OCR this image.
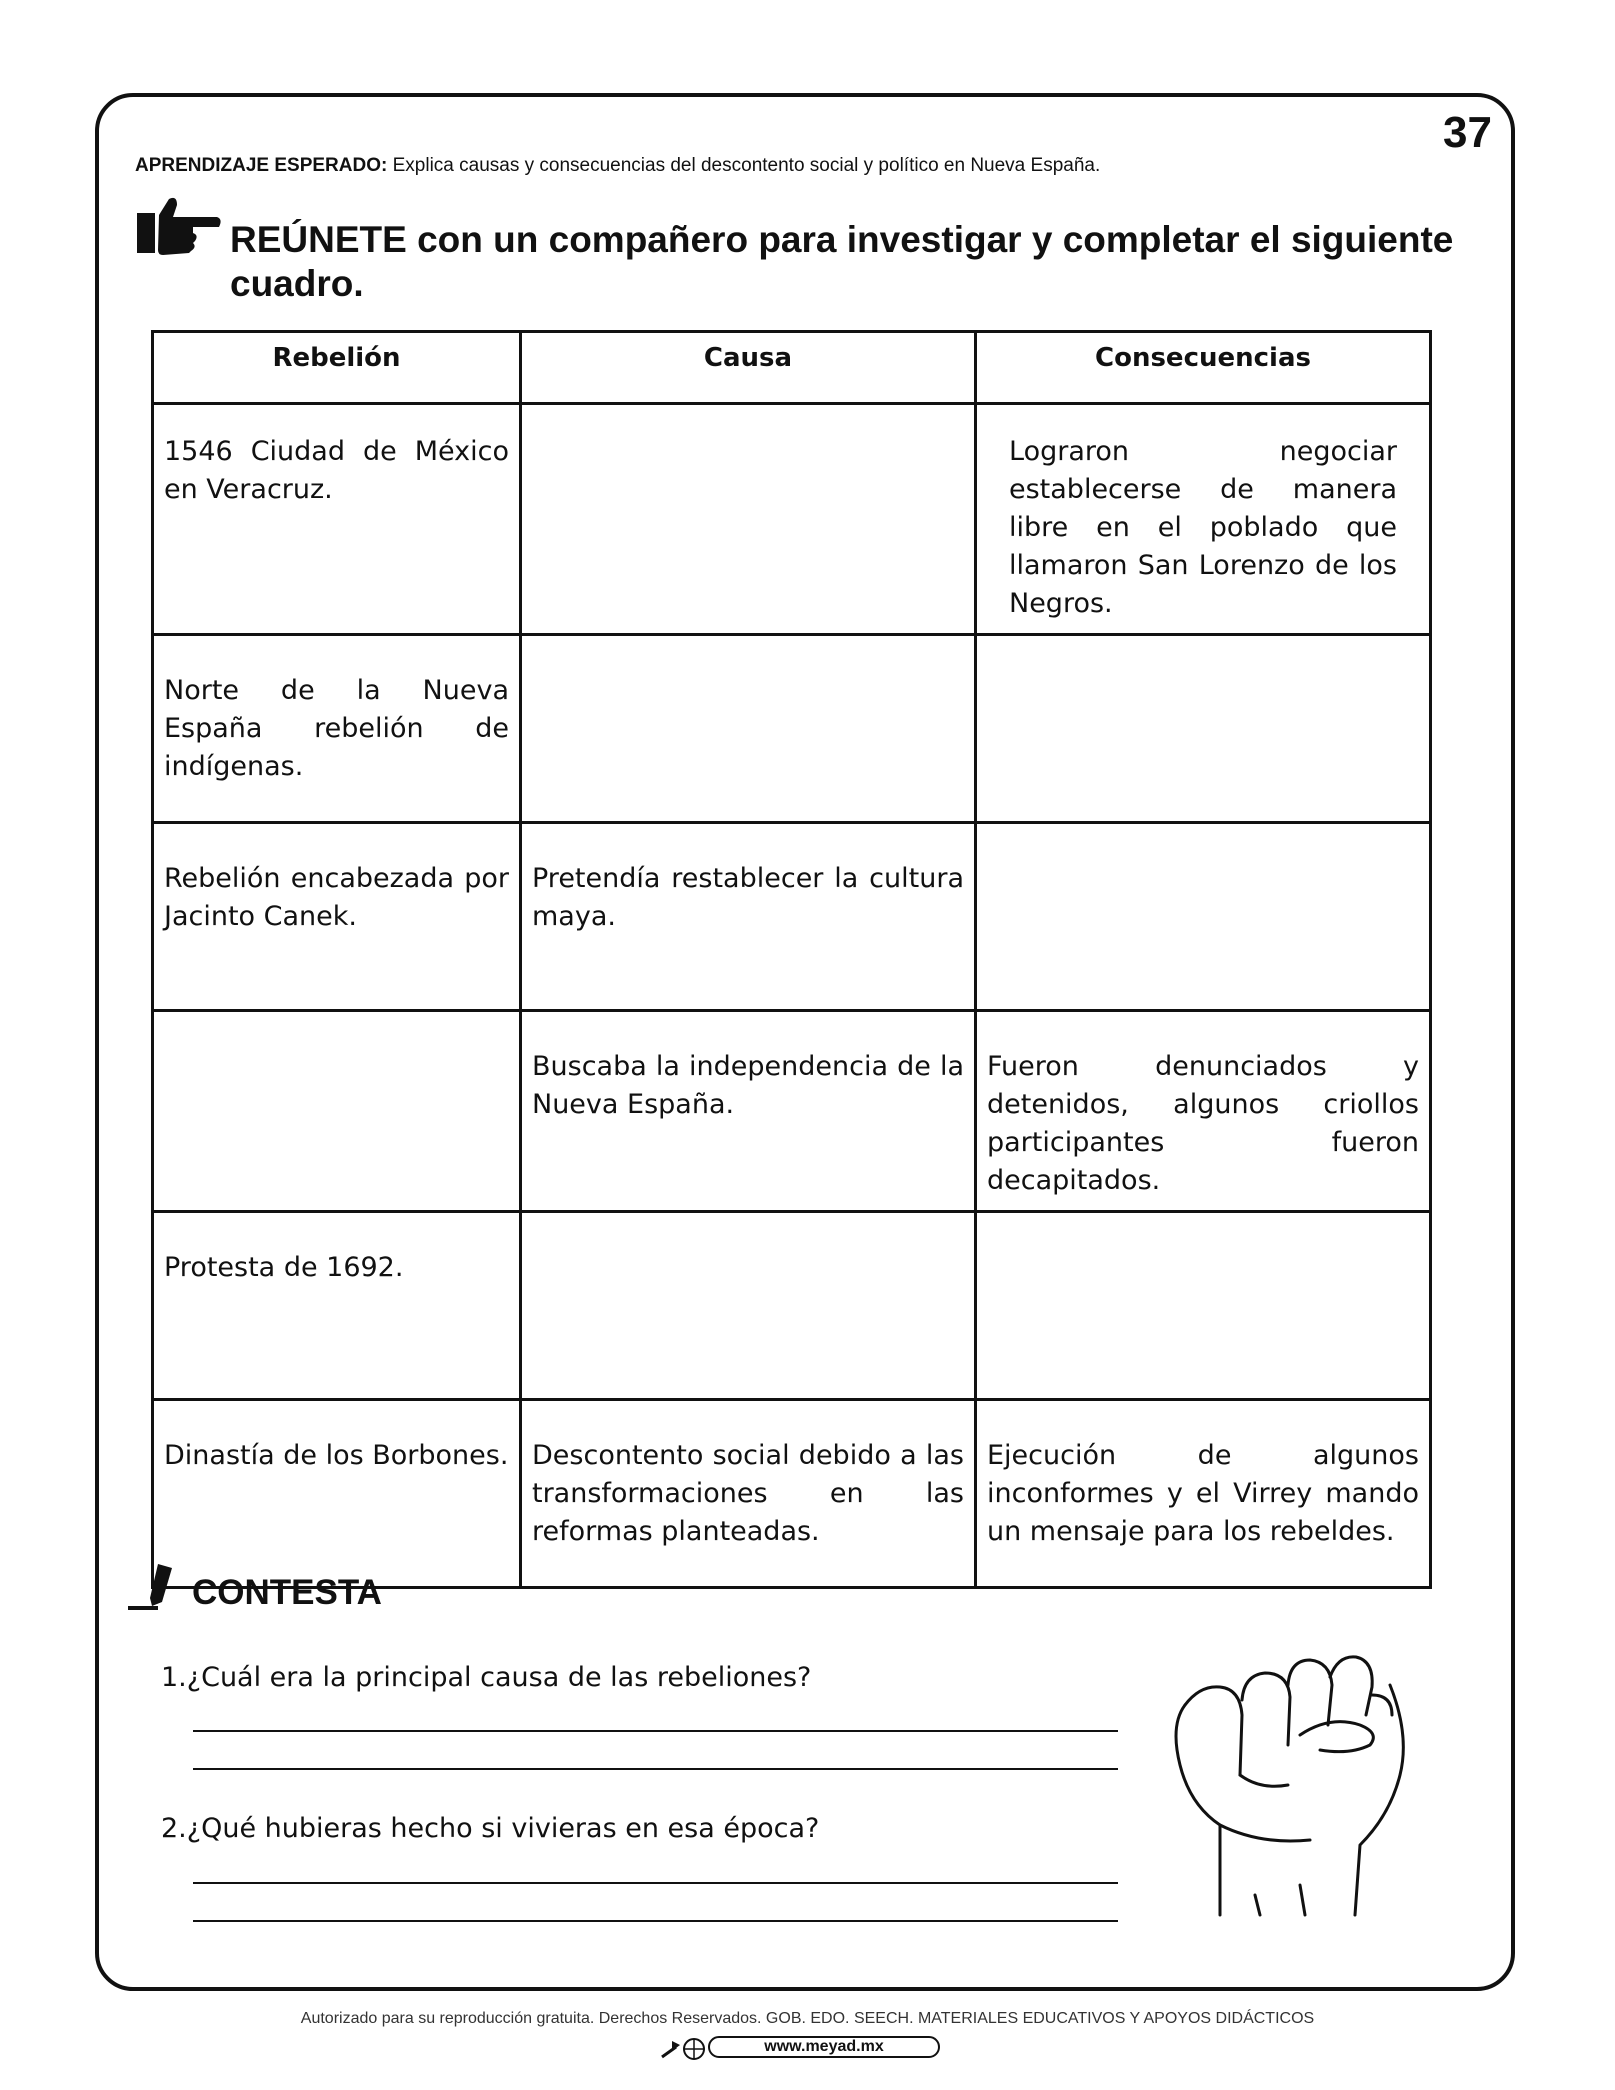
37
APRENDIZAJE ESPERADO: Explica causas y consecuencias del descontento social y político en Nueva España.
REÚNETE con un compañero para investigar y completar el siguiente cuadro.
Rebelión	Causa	Consecuencias
1546 Ciudad de México en Veracruz.		Lograron negociar establecerse de manera libre en el poblado que llamaron San Lorenzo de los Negros.
Norte de la Nueva España rebelión de indígenas.		
Rebelión encabezada por Jacinto Canek.	Pretendía restablecer la cultura maya.	
	Buscaba la independencia de la Nueva España.	Fueron denunciados y detenidos, algunos criollos participantes fueron decapitados.
Protesta de 1692.		
Dinastía de los Borbones.	Descontento social debido a las transformaciones en las reformas planteadas.	Ejecución de algunos inconformes y el Virrey mando un mensaje para los rebeldes.
CONTESTA
1.¿Cuál era la principal causa de las rebeliones?
2.¿Qué hubieras hecho si vivieras en esa época?
Autorizado para su reproducción gratuita. Derechos Reservados. GOB. EDO. SEECH. MATERIALES EDUCATIVOS Y APOYOS DIDÁCTICOS
www.meyad.mx
